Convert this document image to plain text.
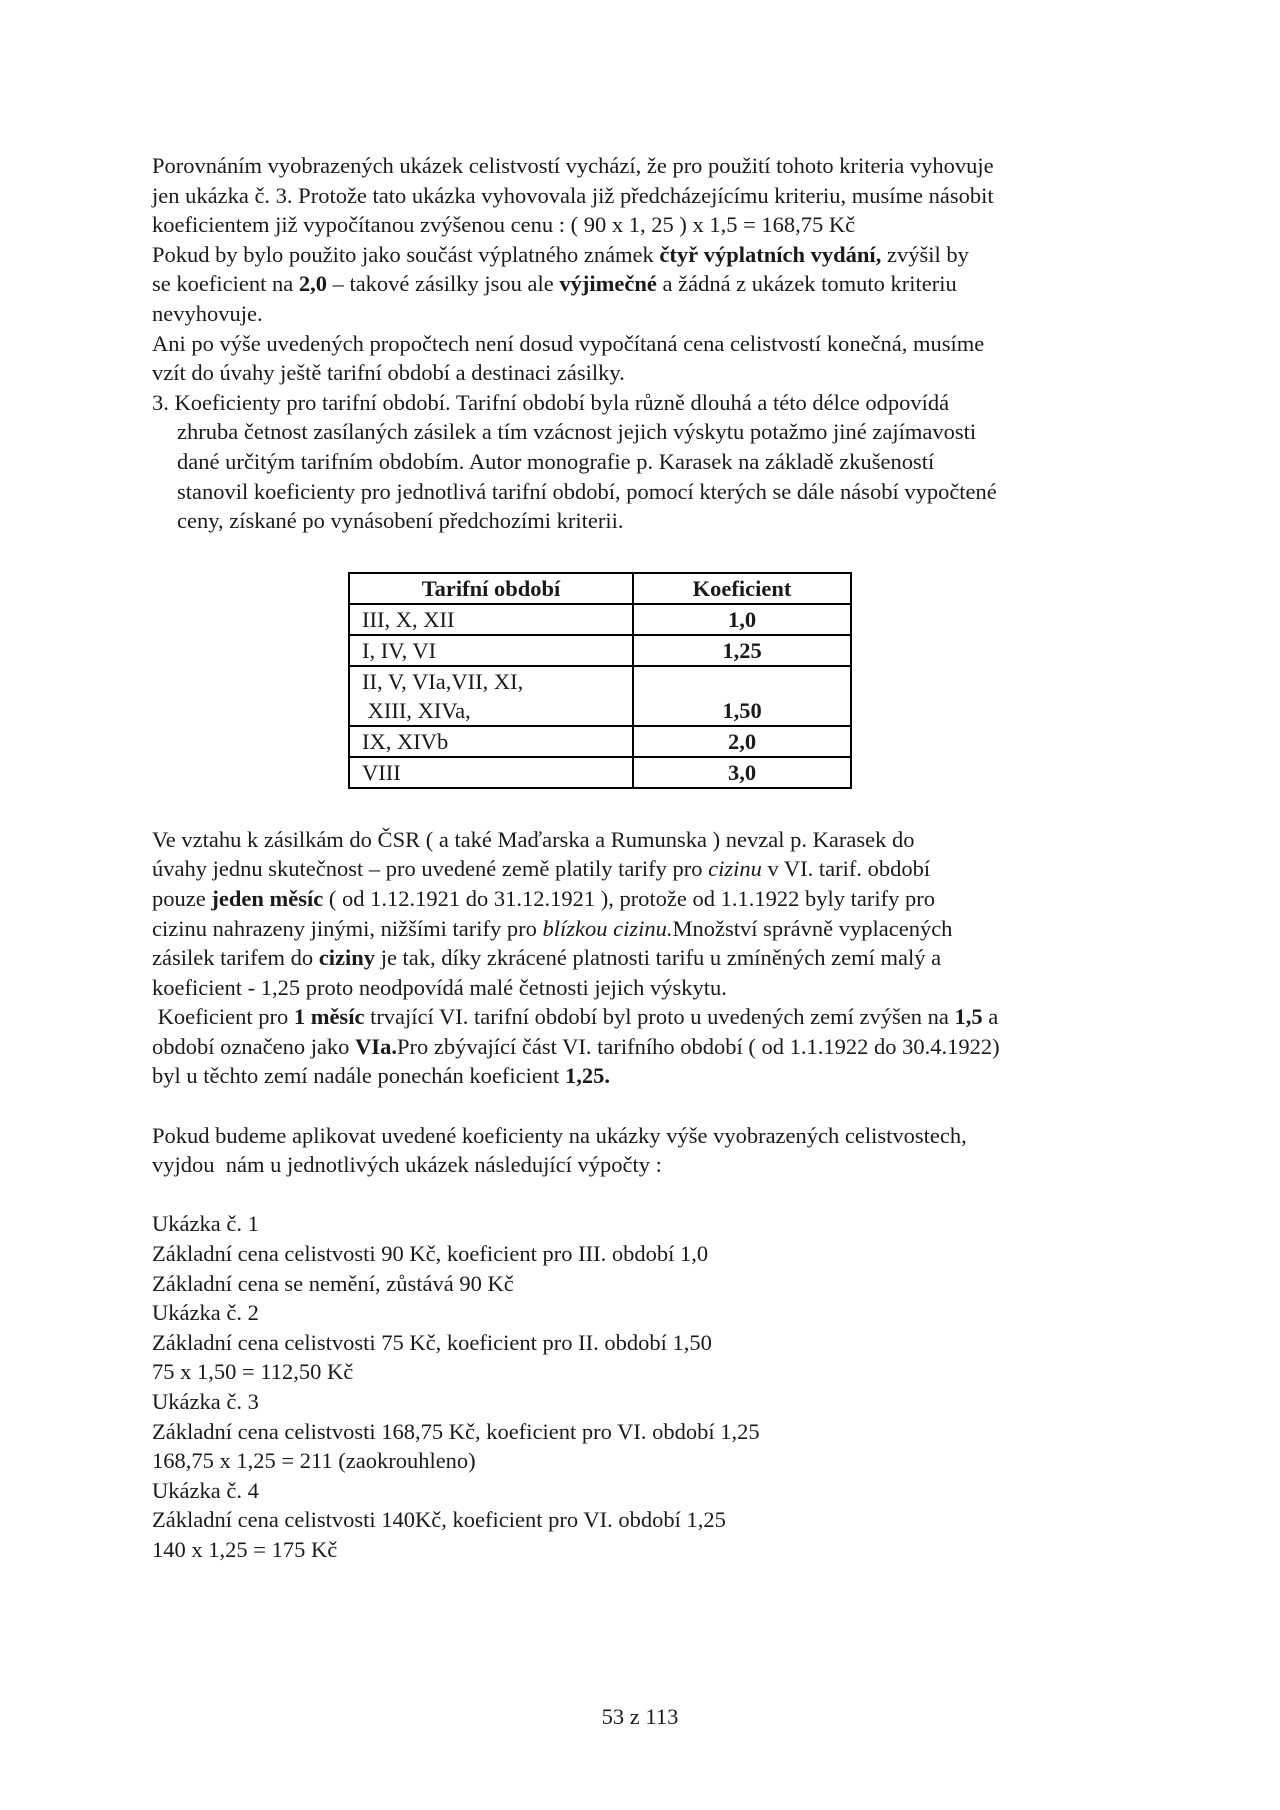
Porovnáním vyobrazených ukázek celistvostí vychází, že pro použití tohoto kriteria vyhovuje

jen ukázka č. 3. Protože tato ukázka vyhovovala již předcházejícímu kriteriu, musíme násobit

koeficientem již vypočítanou zvýšenou cenu : ( 90 x 1, 25 ) x 1,5 = 168,75 Kč

Pokud by bylo použito jako součást výplatného známek čtyř výplatních vydání, zvýšil by

se koeficient na 2,0 – takové zásilky jsou ale výjimečné a žádná z ukázek tomuto kriteriu

nevyhovuje.

Ani po výše uvedených propočtech není dosud vypočítaná cena celistvostí konečná, musíme

vzít do úvahy ještě tarifní období a destinaci zásilky.

3. Koeficienty pro tarifní období. Tarifní období byla různě dlouhá a této délce odpovídá

zhruba četnost zasílaných zásilek a tím vzácnost jejich výskytu potažmo jiné zajímavosti

dané určitým tarifním obdobím. Autor monografie p. Karasek na základě zkušeností

stanovil koeficienty pro jednotlivá tarifní období, pomocí kterých se dále násobí vypočtené

ceny, získané po vynásobení předchozími kriterii.

Tarifní období	Koeficient
III, X, XII	1,0
I, IV, VI	1,25

II, V, VIa,VII, XI,
XIII, XIVa,	1,50
IX, XIVb	2,0
VIII	3,0

Ve vztahu k zásilkám do ČSR ( a také Maďarska a Rumunska ) nevzal p. Karasek do

úvahy jednu skutečnost – pro uvedené země platily tarify pro cizinu v VI. tarif. období

pouze jeden měsíc ( od 1.12.1921 do 31.12.1921 ), protože od 1.1.1922 byly tarify pro

cizinu nahrazeny jinými, nižšími tarify pro blízkou cizinu.Množství správně vyplacených

zásilek tarifem do ciziny je tak, díky zkrácené platnosti tarifu u zmíněných zemí malý a

koeficient - 1,25 proto neodpovídá malé četnosti jejich výskytu.

Koeficient pro 1 měsíc trvající VI. tarifní období byl proto u uvedených zemí zvýšen na 1,5 a

období označeno jako VIa.Pro zbývající část VI. tarifního období ( od 1.1.1922 do 30.4.1922)

byl u těchto zemí nadále ponechán koeficient 1,25.

Pokud budeme aplikovat uvedené koeficienty na ukázky výše vyobrazených celistvostech,

vyjdou  nám u jednotlivých ukázek následující výpočty :

Ukázka č. 1

Základní cena celistvosti 90 Kč, koeficient pro III. období 1,0

Základní cena se nemění, zůstává 90 Kč

Ukázka č. 2

Základní cena celistvosti 75 Kč, koeficient pro II. období 1,50

75 x 1,50 = 112,50 Kč

Ukázka č. 3

Základní cena celistvosti 168,75 Kč, koeficient pro VI. období 1,25

168,75 x 1,25 = 211 (zaokrouhleno)

Ukázka č. 4

Základní cena celistvosti 140Kč, koeficient pro VI. období 1,25

140 x 1,25 = 175 Kč

53 z 113
